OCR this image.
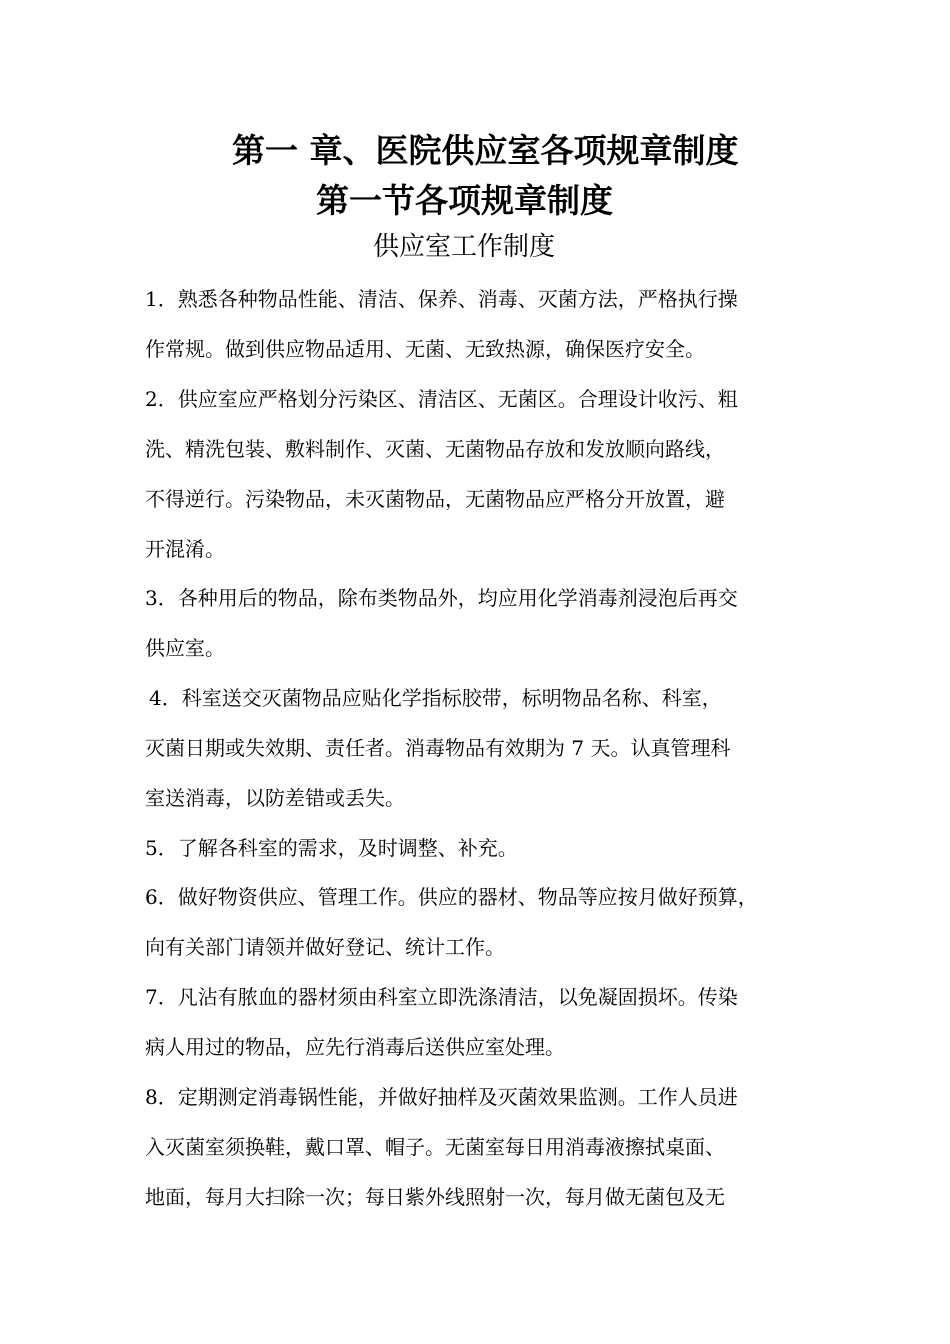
第一 章、医院供应室各项规章制度
第一节各项规章制度
供应室工作制度
1．熟悉各种物品性能、清洁、保养、消毒、灭菌方法，严格执行操
作常规。做到供应物品适用、无菌、无致热源，确保医疗安全。
2．供应室应严格划分污染区、清洁区、无菌区。合理设计收污、粗
洗、精洗包装、敷料制作、灭菌、无菌物品存放和发放顺向路线，
不得逆行。污染物品，未灭菌物品，无菌物品应严格分开放置，避
开混淆。
3．各种用后的物品，除布类物品外，均应用化学消毒剂浸泡后再交
供应室。
4．科室送交灭菌物品应贴化学指标胶带，标明物品名称、科室，
灭菌日期或失效期、责任者。消毒物品有效期为 7 天。认真管理科
室送消毒，以防差错或丢失。
5．了解各科室的需求，及时调整、补充。
6．做好物资供应、管理工作。供应的器材、物品等应按月做好预算，
向有关部门请领并做好登记、统计工作。
7．凡沾有脓血的器材须由科室立即洗涤清洁，以免凝固损坏。传染
病人用过的物品，应先行消毒后送供应室处理。
8．定期测定消毒锅性能，并做好抽样及灭菌效果监测。工作人员进
入灭菌室须换鞋，戴口罩、帽子。无菌室每日用消毒液擦拭桌面、
地面，每月大扫除一次；每日紫外线照射一次，每月做无菌包及无
